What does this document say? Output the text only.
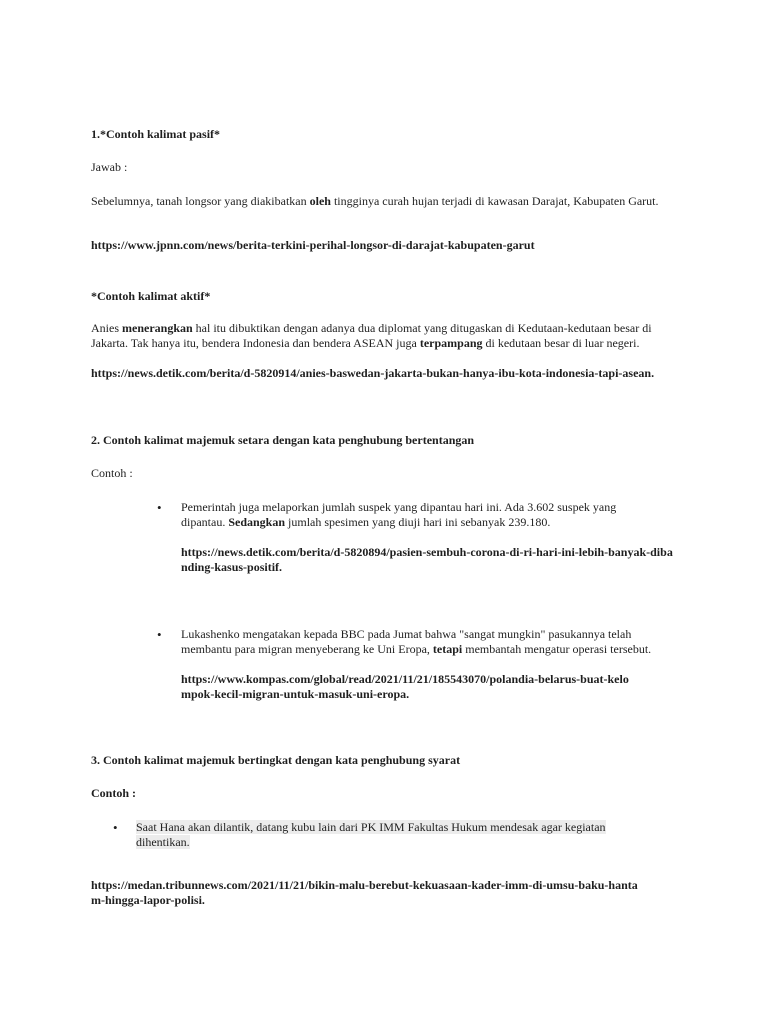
1.*Contoh kalimat pasif*
Jawab :
Sebelumnya, tanah longsor yang diakibatkan oleh tingginya curah hujan terjadi di kawasan Darajat, Kabupaten Garut.
https://www.jpnn.com/news/berita-terkini-perihal-longsor-di-darajat-kabupaten-garut
*Contoh kalimat aktif*
Anies menerangkan hal itu dibuktikan dengan adanya dua diplomat yang ditugaskan di Kedutaan-kedutaan besar di Jakarta. Tak hanya itu, bendera Indonesia dan bendera ASEAN juga terpampang di kedutaan besar di luar negeri.
https://news.detik.com/berita/d-5820914/anies-baswedan-jakarta-bukan-hanya-ibu-kota-indonesia-tapi-asean.
2. Contoh kalimat majemuk setara dengan kata penghubung bertentangan
Contoh :
•	Pemerintah juga melaporkan jumlah suspek yang dipantau hari ini. Ada 3.602 suspek yang dipantau. Sedangkan jumlah spesimen yang diuji hari ini sebanyak 239.180.
https://news.detik.com/berita/d-5820894/pasien-sembuh-corona-di-ri-hari-ini-lebih-banyak-dibanding-kasus-positif.
•	Lukashenko mengatakan kepada BBC pada Jumat bahwa "sangat mungkin" pasukannya telah membantu para migran menyeberang ke Uni Eropa, tetapi membantah mengatur operasi tersebut.
https://www.kompas.com/global/read/2021/11/21/185543070/polandia-belarus-buat-kelompok-kecil-migran-untuk-masuk-uni-eropa.
3. Contoh kalimat majemuk bertingkat dengan kata penghubung syarat
Contoh :
•	Saat Hana akan dilantik, datang kubu lain dari PK IMM Fakultas Hukum mendesak agar kegiatan dihentikan.
https://medan.tribunnews.com/2021/11/21/bikin-malu-berebut-kekuasaan-kader-imm-di-umsu-baku-hantam-hingga-lapor-polisi.
